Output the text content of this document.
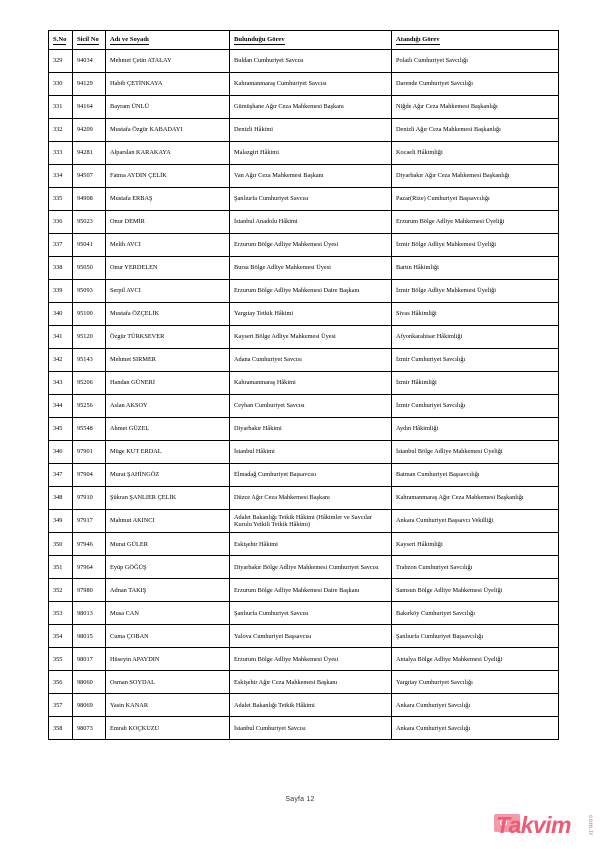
S.No	Sicil No	Adı ve Soyadı	Bulunduğu Görev	Atandığı Görev
329	94034	Mehmet Çetin ATALAY	Buldan Cumhuriyet Savcısı	Polatlı Cumhuriyet Savcılığı
330	94129	Habib ÇETİNKAYA	Kahramanmaraş Cumhuriyet Savcısı	Darende Cumhuriyet Savcılığı
331	94164	Bayram ÜNLÜ	Gümüşhane Ağır Ceza Mahkemesi Başkanı	Niğde Ağır Ceza Mahkemesi Başkanlığı
332	94209	Mustafa Özgür KABADAYI	Denizli Hâkimi	Denizli Ağır Ceza Mahkemesi Başkanlığı
333	94281	Alparslan KARAKAYA	Malazgirt Hâkimi	Kocaeli Hâkimliği
334	94507	Fatma AYDIN ÇELİK	Van Ağır Ceza Mahkemesi Başkanı	Diyarbakır Ağır Ceza Mahkemesi Başkanlığı
335	94908	Mustafa ERBAŞ	Şanlıurfa Cumhuriyet Savcısı	Pazar(Rize) Cumhuriyet Başsavcılığı
336	95023	Onur DEMİR	İstanbul Anadolu Hâkimi	Erzurum Bölge Adliye Mahkemesi Üyeliği
337	95041	Melih AVCI	Erzurum Bölge Adliye Mahkemesi Üyesi	İzmir Bölge Adliye Mahkemesi Üyeliği
338	95050	Onur YERDELEN	Bursa Bölge Adliye Mahkemesi Üyesi	Bartın Hâkimliği
339	95093	Serpil AVCI	Erzurum Bölge Adliye Mahkemesi Daire Başkanı	İzmir Bölge Adliye Mahkemesi Üyeliği
340	95100	Mustafa ÖZÇELİK	Yargıtay Tetkik Hâkimi	Sivas Hâkimliği
341	95120	Özgür TÜRKSEVER	Kayseri Bölge Adliye Mahkemesi Üyesi	Afyonkarahisar Hâkimliği
342	95143	Mehmet SIRMER	Adana Cumhuriyet Savcısı	İzmir Cumhuriyet Savcılığı
343	95206	Handan GÜNERİ	Kahramanmaraş Hâkimi	İzmir Hâkimliği
344	95256	Aslan AKSOY	Ceyhan Cumhuriyet Savcısı	İzmir Cumhuriyet Savcılığı
345	95548	Ahmet GÜZEL	Diyarbakır Hâkimi	Aydın Hâkimliği
346	97901	Müge KUT ERDAL	İstanbul Hâkimi	İstanbul Bölge Adliye Mahkemesi Üyeliği
347	97904	Murat ŞAHİNGÖZ	Elmadağ Cumhuriyet Başsavcısı	Batman Cumhuriyet Başsavcılığı
348	97910	Şükran ŞANLIER ÇELİK	Düzce Ağır Ceza Mahkemesi Başkanı	Kahramanmaraş Ağır Ceza Mahkemesi Başkanlığı
349	97917	Mahmut AKINCI	Adalet Bakanlığı Tetkik Hâkimi (Hâkimler ve Savcılar Kurulu Yetkili Tetkik Hâkimi)	Ankara Cumhuriyet Başsavcı Vekilliği
350	97946	Murat GÜLER	Eskişehir Hâkimi	Kayseri Hâkimliği
351	97964	Eyüp GÖĞÜŞ	Diyarbakır Bölge Adliye Mahkemesi Cumhuriyet Savcısı	Trabzon Cumhuriyet Savcılığı
352	97980	Adnan TAKIŞ	Erzurum Bölge Adliye Mahkemesi Daire Başkanı	Samsun Bölge Adliye Mahkemesi Üyeliği
353	98013	Musa CAN	Şanlıurfa Cumhuriyet Savcısı	Bakırköy Cumhuriyet Savcılığı
354	98015	Cuma ÇOBAN	Yalova Cumhuriyet Başsavcısı	Şanlıurfa Cumhuriyet Başsavcılığı
355	98017	Hüseyin APAYDIN	Erzurum Bölge Adliye Mahkemesi Üyesi	Antalya Bölge Adliye Mahkemesi Üyeliği
356	98060	Osman SOYDAL	Eskişehir Ağır Ceza Mahkemesi Başkanı	Yargıtay Cumhuriyet Savcılığı
357	98069	Yasin KANAR	Adalet Bakanlığı Tetkik Hâkimi	Ankara Cumhuriyet Savcılığı
358	98073	Emrah KOÇKUZU	İstanbul Cumhuriyet Savcısı	Ankara Cumhuriyet Savcılığı
Sayfa 12
Takvim	com.tr
